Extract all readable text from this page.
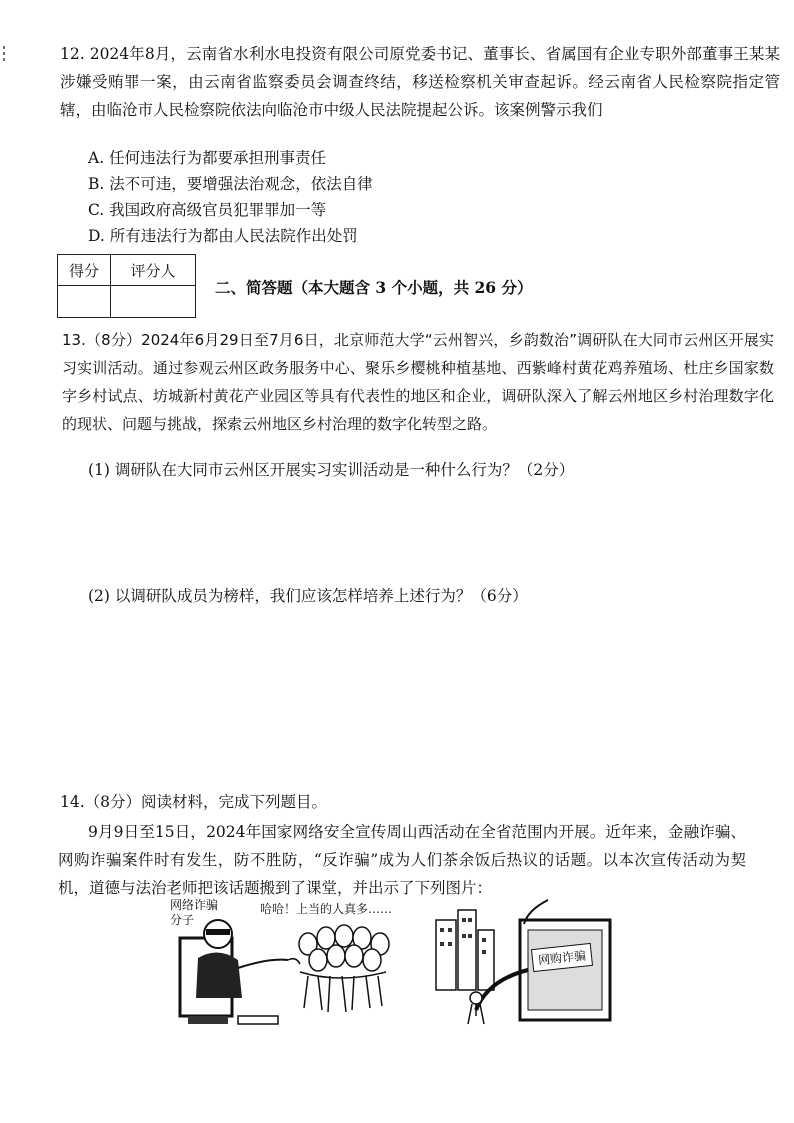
12. 2024年8月，云南省水利水电投资有限公司原党委书记、董事长、省属国有企业专职外部董事王某某涉嫌受贿罪一案，由云南省监察委员会调查终结，移送检察机关审查起诉。经云南省人民检察院指定管辖，由临沧市人民检察院依法向临沧市中级人民法院提起公诉。该案例警示我们
A. 任何违法行为都要承担刑事责任
B. 法不可违，要增强法治观念，依法自律
C. 我国政府高级官员犯罪罪加一等
D. 所有违法行为都由人民法院作出处罚
得分	评分人
二、简答题（本大题含 3 个小题，共 26 分）
13.（8分）2024年6月29日至7月6日，北京师范大学“云州智兴，乡韵数治”调研队在大同市云州区开展实习实训活动。通过参观云州区政务服务中心、聚乐乡樱桃种植基地、西紫峰村黄花鸡养殖场、杜庄乡国家数字乡村试点、坊城新村黄花产业园区等具有代表性的地区和企业，调研队深入了解云州地区乡村治理数字化的现状、问题与挑战，探索云州地区乡村治理的数字化转型之路。
(1) 调研队在大同市云州区开展实习实训活动是一种什么行为？（2分）
(2) 以调研队成员为榜样，我们应该怎样培养上述行为？（6分）
14.（8分）阅读材料，完成下列题目。
9月9日至15日，2024年国家网络安全宣传周山西活动在全省范围内开展。近年来，金融诈骗、网购诈骗案件时有发生，防不胜防，“反诈骗”成为人们茶余饭后热议的话题。以本次宣传活动为契机，道德与法治老师把该话题搬到了课堂，并出示了下列图片：
网络诈骗分子
哈哈！上当的人真多……
网购诈骗
